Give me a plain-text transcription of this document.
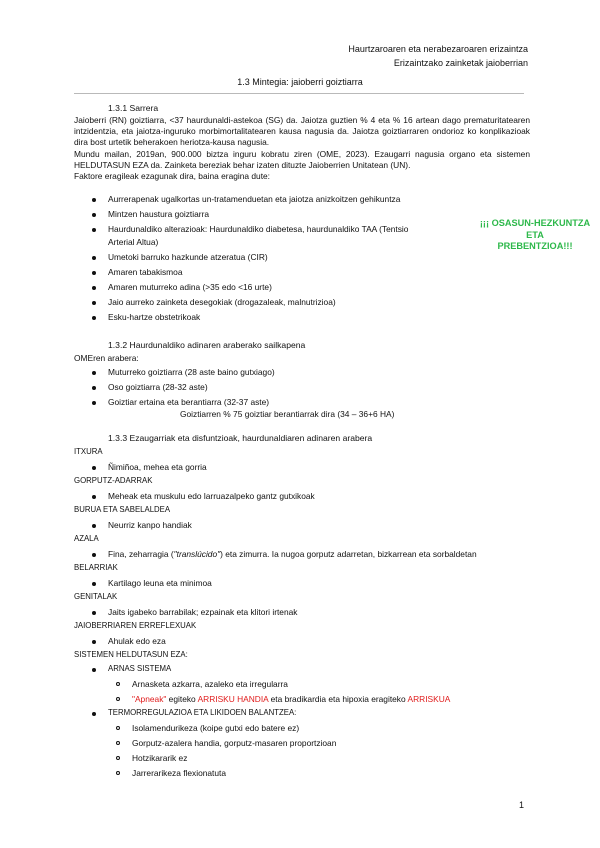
Haurtzaroaren eta nerabezaroaren erizaintza
Erizaintzako zainketak jaioberrian
1.3 Mintegia: jaioberri goiztiarra
1.3.1 Sarrera

Jaioberri (RN) goiztiarra, <37 haurdunaldi-astekoa (SG) da. Jaiotza guztien % 4 eta % 16 artean dago prematuritatearen intzidentzia, eta jaiotza-inguruko morbimortalitatearen kausa nagusia da. Jaiotza goiztiarraren ondorioz ko konplikazioak dira bost urtetik beherakoen heriotza-kausa nagusia.

Mundu mailan, 2019an, 900.000 biztza inguru kobratu ziren (OME, 2023). Ezaugarri nagusia organo eta sistemen HELDUTASUN EZA da. Zainketa bereziak behar izaten dituzte Jaioberrien Unitatean (UN).

Faktore eragileak ezagunak dira, baina eragina dute:

Aurrerapenak ugalkortas un-tratamenduetan eta jaiotza anizkoitzen gehikuntza
Mintzen haustura goiztiarra
Haurdunaldiko alterazioak: Haurdunaldiko diabetesa, haurdunaldiko TAA (Tentsio
Arterial Altua)
Umetoki barruko hazkunde atzeratua (CIR)
Amaren tabakismoa
Amaren muturreko adina (>35 edo <16 urte)
Jaio aurreko zainketa desegokiak (drogazaleak, malnutrizioa)
Esku-hartze obstetrikoak
¡¡¡ OSASUN-HEZKUNTZA
ETA
PREBENTZIOA!!!
1.3.2 Haurdunaldiko adinaren araberako sailkapena
OMEren arabera:
Muturreko goiztiarra (28 aste baino gutxiago)
Oso goiztiarra (28-32 aste)
Goiztiar ertaina eta berantiarra (32-37 aste)
Goiztiarren % 75 goiztiar berantiarrak dira (34 – 36+6 HA)
1.3.3 Ezaugarriak eta disfuntzioak, haurdunaldiaren adinaren arabera
ITXURA
Ñimiñoa, mehea eta gorria
GORPUTZ-ADARRAK
Meheak eta muskulu edo larruazalpeko gantz gutxikoak
BURUA ETA SABELALDEA
Neurriz kanpo handiak
AZALA
Fina, zeharragia ("translúcido") eta zimurra. Ia nugoa gorputz adarretan, bizkarrean eta sorbaldetan
BELARRIAK
Kartilago leuna eta minimoa
GENITALAK
Jaits igabeko barrabilak; ezpainak eta klitori irtenak
JAIOBERRIAREN ERREFLEXUAK
Ahulak edo eza
SISTEMEN HELDUTASUN EZA:
ARNAS SISTEMA
Arnasketa azkarra, azaleko eta irregularra
"Apneak" egiteko ARRISKU HANDIA eta bradikardia eta hipoxia eragiteko ARRISKUA
TERMORREGULAZIOA ETA LIKIDOEN BALANTZEA:
Isolamendurikeza (koipe gutxi edo batere ez)
Gorputz-azalera handia, gorputz-masaren proportzioan
Hotzikararik ez
Jarrerarikeza flexionatuta
1
